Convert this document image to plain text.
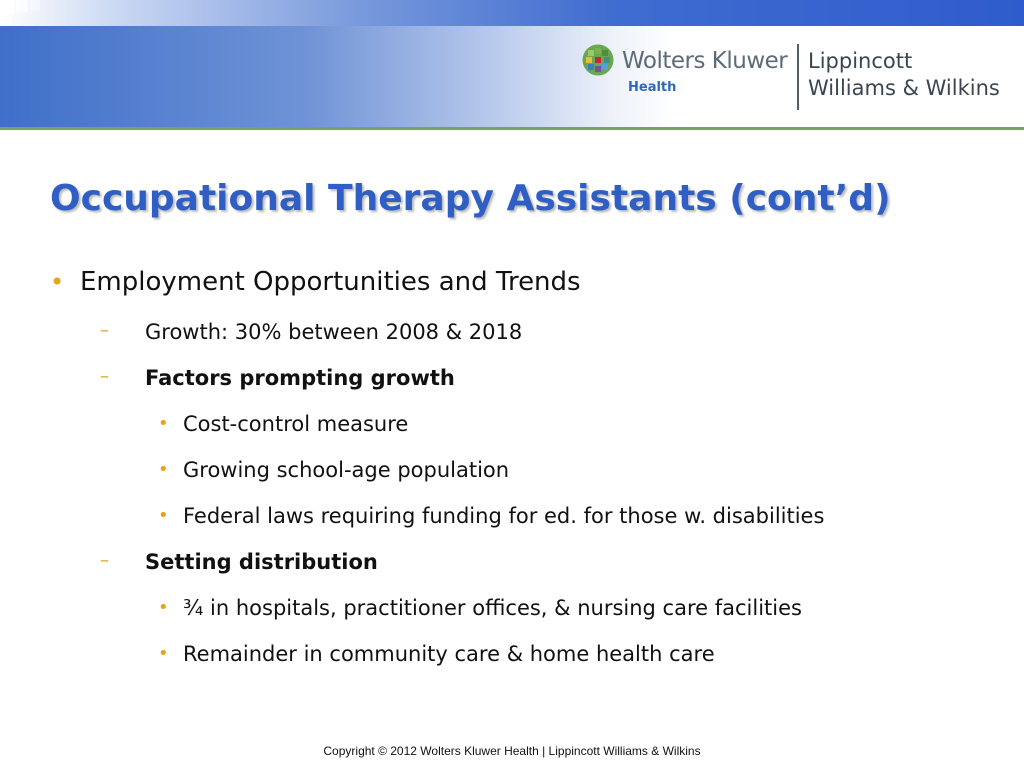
Wolters Kluwer
Health
Lippincott
Williams & Wilkins
Occupational Therapy Assistants (cont’d)
• Employment Opportunities and Trends
– Growth: 30% between 2008 & 2018
– Factors prompting growth
• Cost-control measure
• Growing school-age population
• Federal laws requiring funding for ed. for those w. disabilities
– Setting distribution
• ¾ in hospitals, practitioner offices, & nursing care facilities
• Remainder in community care & home health care
Copyright © 2012 Wolters Kluwer Health | Lippincott Williams & Wilkins
